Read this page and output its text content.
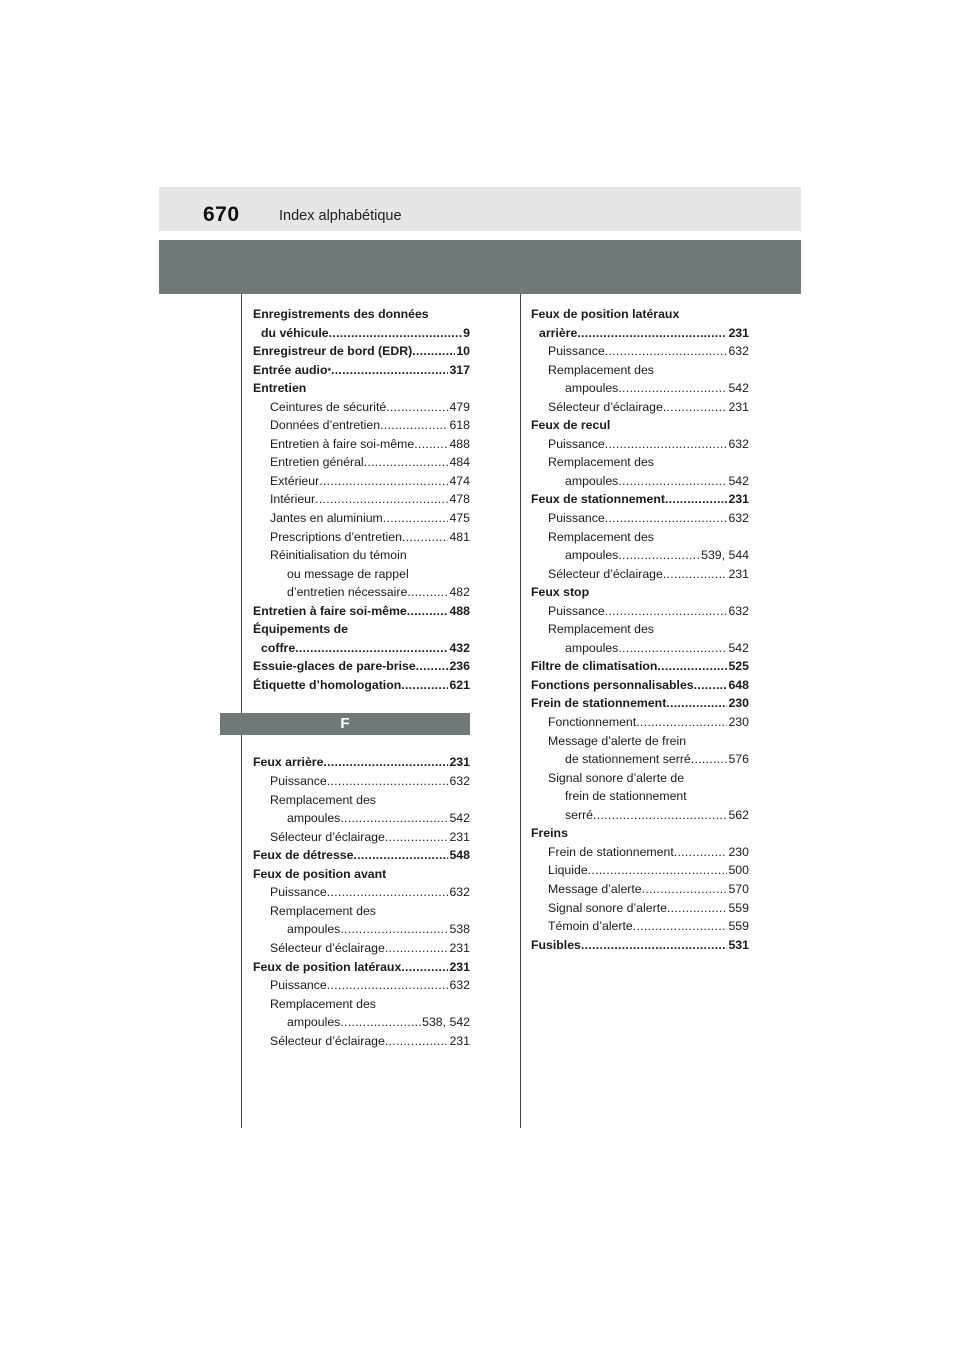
670	Index alphabétique
Enregistrements des données
du véhicule .....	9
Enregistreur de bord (EDR) .....	10
Entrée audio * .....	317
Entretien
Ceintures de sécurité .....	479
Données d’entretien .....	618
Entretien à faire soi-même .....	488
Entretien général .....	484
Extérieur .....	474
Intérieur .....	478
Jantes en aluminium .....	475
Prescriptions d’entretien .....	481
Réinitialisation du témoin
ou message de rappel
d’entretien nécessaire .....	482
Entretien à faire soi-même .....	488
Équipements de
coffre .....	432
Essuie-glaces de pare-brise .....	236
Étiquette d’homologation .....	621
F
Feux arrière .....	231
Puissance .....	632
Remplacement des
ampoules .....	542
Sélecteur d’éclairage .....	231
Feux de détresse .....	548
Feux de position avant
Puissance .....	632
Remplacement des
ampoules .....	538
Sélecteur d’éclairage .....	231
Feux de position latéraux .....	231
Puissance .....	632
Remplacement des
ampoules .....	538, 542
Sélecteur d’éclairage .....	231
Feux de position latéraux
arrière .....	231
Puissance .....	632
Remplacement des
ampoules .....	542
Sélecteur d’éclairage .....	231
Feux de recul
Puissance .....	632
Remplacement des
ampoules .....	542
Feux de stationnement .....	231
Puissance .....	632
Remplacement des
ampoules .....	539, 544
Sélecteur d’éclairage .....	231
Feux stop
Puissance .....	632
Remplacement des
ampoules .....	542
Filtre de climatisation .....	525
Fonctions personnalisables .....	648
Frein de stationnement .....	230
Fonctionnement .....	230
Message d’alerte de frein
de stationnement serré .....	576
Signal sonore d’alerte de
frein de stationnement
serré .....	562
Freins
Frein de stationnement .....	230
Liquide .....	500
Message d’alerte .....	570
Signal sonore d’alerte .....	559
Témoin d’alerte .....	559
Fusibles .....	531
